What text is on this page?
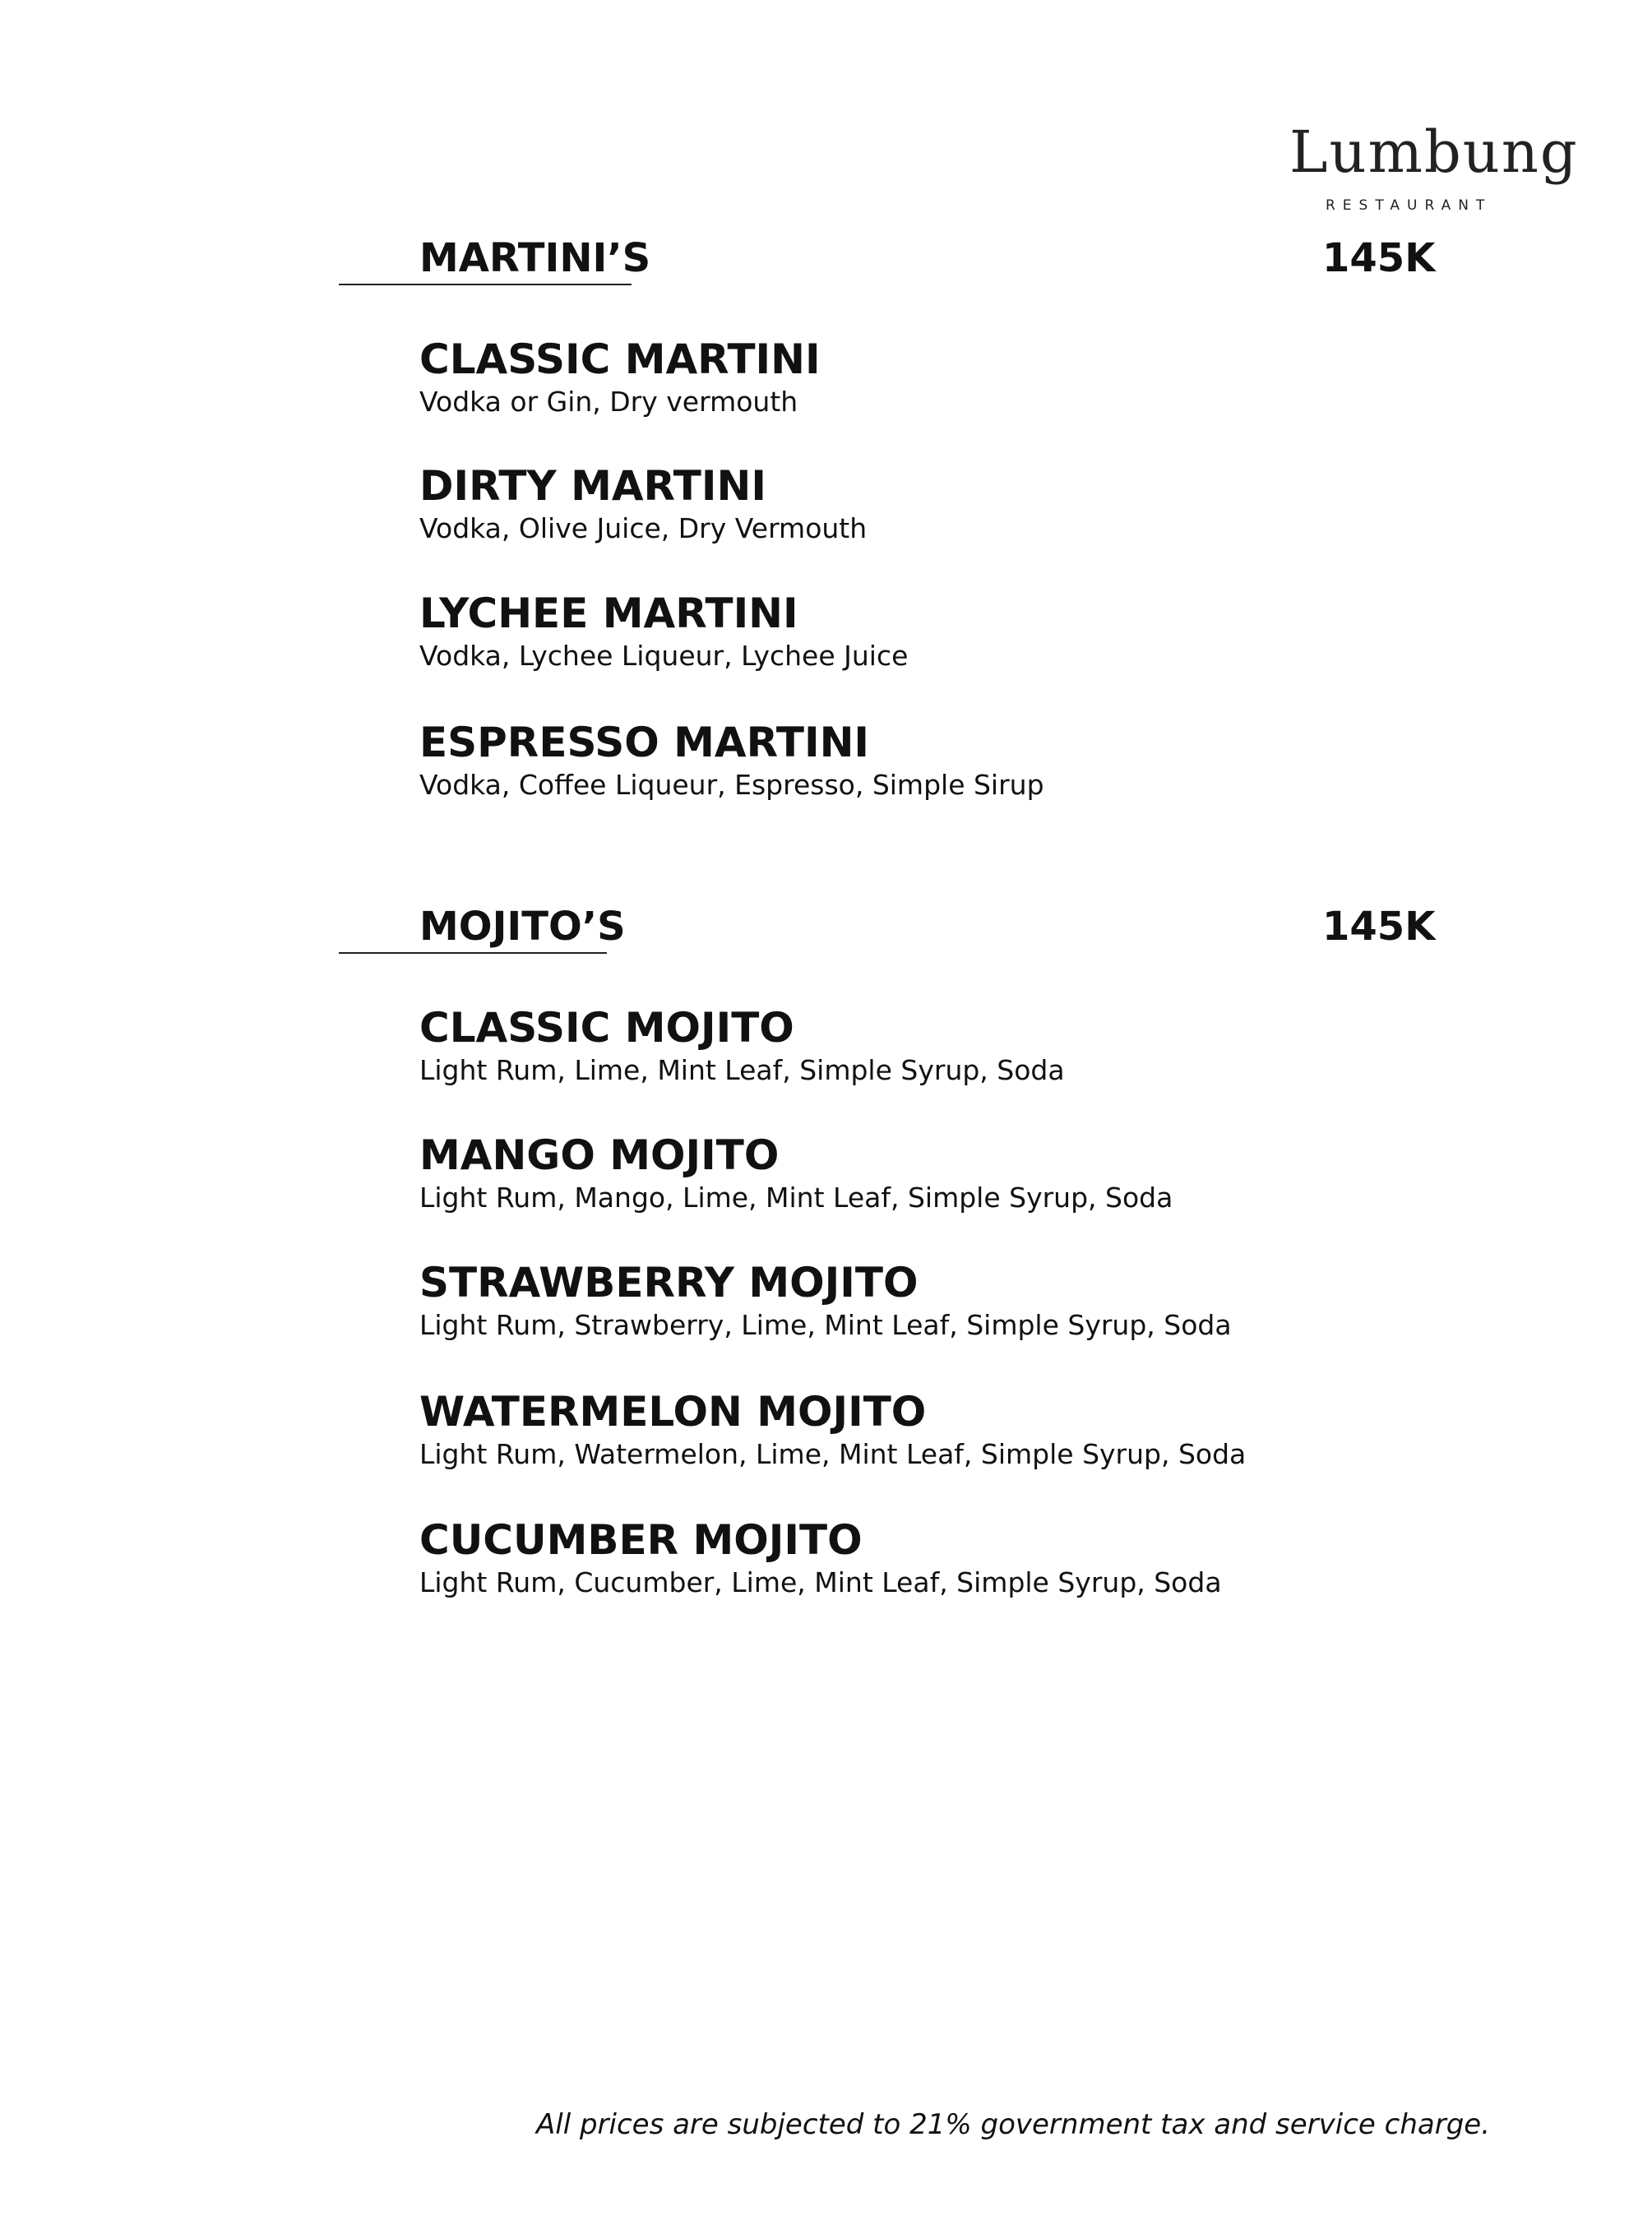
Lumbung
RESTAURANT
MARTINI’S	145K
CLASSIC MARTINI
Vodka or Gin, Dry vermouth
DIRTY MARTINI
Vodka, Olive Juice, Dry Vermouth
LYCHEE MARTINI
Vodka, Lychee Liqueur, Lychee Juice
ESPRESSO MARTINI
Vodka, Coffee Liqueur, Espresso, Simple Sirup
MOJITO’S	145K
CLASSIC MOJITO
Light Rum, Lime, Mint Leaf, Simple Syrup, Soda
MANGO MOJITO
Light Rum, Mango, Lime, Mint Leaf, Simple Syrup, Soda
STRAWBERRY MOJITO
Light Rum, Strawberry, Lime, Mint Leaf, Simple Syrup, Soda
WATERMELON MOJITO
Light Rum, Watermelon, Lime, Mint Leaf, Simple Syrup, Soda
CUCUMBER MOJITO
Light Rum, Cucumber, Lime, Mint Leaf, Simple Syrup, Soda
All prices are subjected to 21% government tax and service charge.
